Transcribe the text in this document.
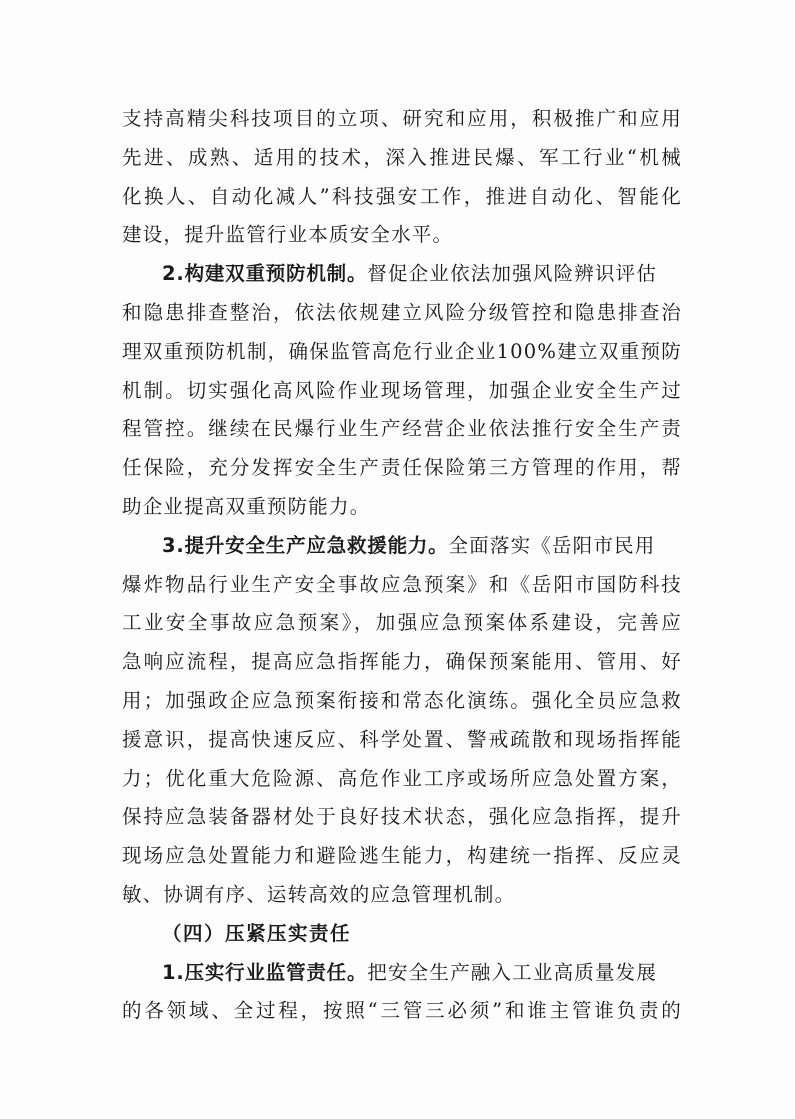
支持高精尖科技项目的立项、研究和应用，积极推广和应用
先进、成熟、适用的技术，深入推进民爆、军工行业“机械
化换人、自动化减人”科技强安工作，推进自动化、智能化
建设，提升监管行业本质安全水平。
2.构建双重预防机制。督促企业依法加强风险辨识评估
和隐患排查整治，依法依规建立风险分级管控和隐患排查治
理双重预防机制，确保监管高危行业企业100%建立双重预防
机制。切实强化高风险作业现场管理，加强企业安全生产过
程管控。继续在民爆行业生产经营企业依法推行安全生产责
任保险，充分发挥安全生产责任保险第三方管理的作用，帮
助企业提高双重预防能力。
3.提升安全生产应急救援能力。全面落实《岳阳市民用
爆炸物品行业生产安全事故应急预案》和《岳阳市国防科技
工业安全事故应急预案》，加强应急预案体系建设，完善应
急响应流程，提高应急指挥能力，确保预案能用、管用、好
用；加强政企应急预案衔接和常态化演练。强化全员应急救
援意识，提高快速反应、科学处置、警戒疏散和现场指挥能
力；优化重大危险源、高危作业工序或场所应急处置方案，
保持应急装备器材处于良好技术状态，强化应急指挥，提升
现场应急处置能力和避险逃生能力，构建统一指挥、反应灵
敏、协调有序、运转高效的应急管理机制。
（四）压紧压实责任
1.压实行业监管责任。把安全生产融入工业高质量发展
的各领域、全过程，按照“三管三必须”和谁主管谁负责的
